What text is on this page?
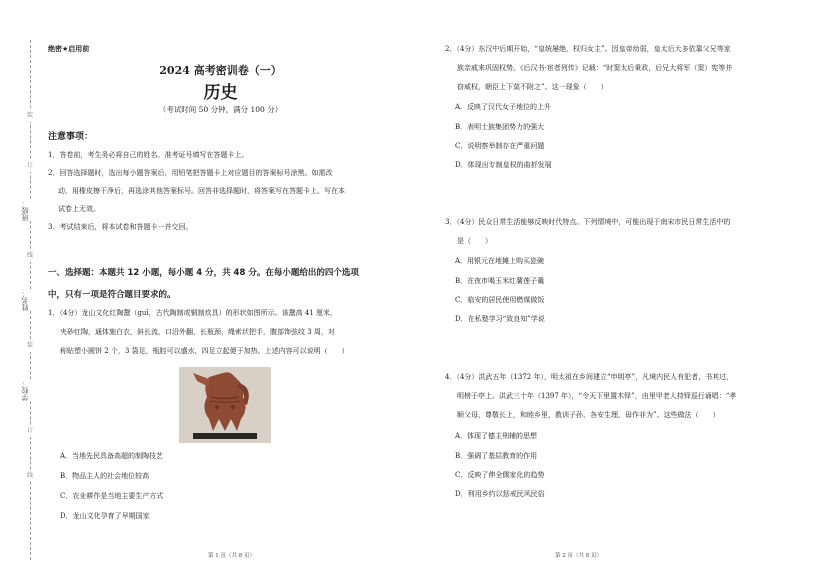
班级：
姓名：
学校：
装
订
线
装
订
线
绝密★启用前
2024 高考密训卷（一）
历史
（考试时间 50 分钟，满分 100 分）
注意事项：
1．答卷前，考生务必将自己的姓名、准考证号填写在答题卡上。
2．回答选择题时，选出每小题答案后，用铅笔把答题卡上对应题目的答案标号涂黑。如需改
动，用橡皮擦干净后，再选涂其他答案标号。回答非选择题时，将答案写在答题卡上。写在本
试卷上无效。
3．考试结束后，将本试卷和答题卡一并交回。
一、选择题：本题共 12 小题，每小题 4 分，共 48 分。在每小题给出的四个选项
中，只有一项是符合题目要求的。
1．（4分）龙山文化红陶鬶（guī，古代陶制或铜制炊具）的形状如图所示。该鬶高 41 厘米，
夹砂红陶，通体施白衣，斜长流，口沿外翻，长瓶颈，绳索状把手，腹部饰弦纹 3 周，对
称贴塑小圆饼 2 个，3 袋足，瓶腔可以盛水，四足立起便于加热。上述内容可以说明（　　）
A．当地先民具备高超的制陶技艺
B．物品主人的社会地位较高
C．农业耕作是当地主要生产方式
D．龙山文化孕育了早期国家
第 1 页（共 8 页）
2．（4分）东汉中后期开始，“皇统屡绝，权归女主”。因皇帝幼弱，皇太后大多依靠父兄等家
族亲戚来巩固权势。《后汉书·宦者列传》记载：“时窦太后秉政，后兄大将军（窦）宪等并
窃威权，朝臣上下莫不附之”。这一现象（　　）
A．反映了汉代女子地位的上升
B．表明士族集团势力的强大
C．说明察举制存在严重问题
D．体现出专制皇权的曲折发展
3．（4分）民众日常生活能够反映时代特点。下列情境中，可能出现于南宋市民日常生活中的
是（　　）
A．用银元在地摊上购买瓷碗
B．在夜市喝玉米红薯莲子羹
C．临安的居民使用燃煤做饭
D．在私塾学习“致良知”学说
4．（4分）洪武五年（1372 年），明太祖在乡间建立“申明亭”，凡境内民人有犯者，书其过，
明榜于亭上。洪武三十年（1397 年），“令天下里置木铎”，由里甲老人持铎巡行诵唱：“孝
顺父母，尊敬长上，和睦乡里，教训子孙，各安生理，毋作非为”。这些做法（　　）
A．体现了德主刑辅的思想
B．强调了基层教育的作用
C．反映了伸全儒家化的趋势
D．利用乡约以惩戒民风民俗
第 2 页（共 8 页）
